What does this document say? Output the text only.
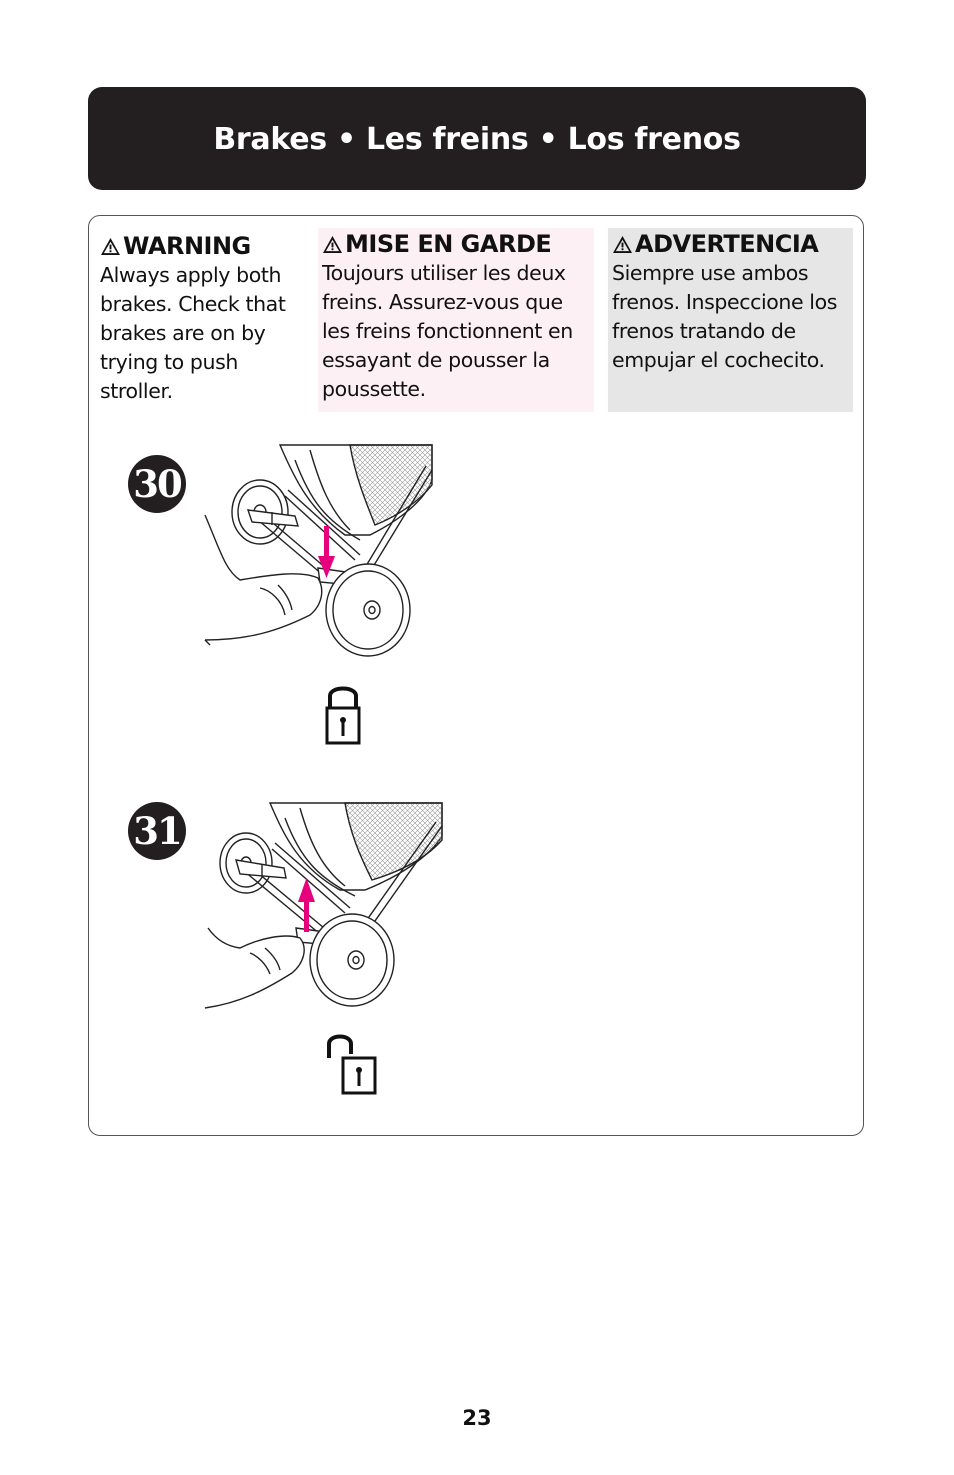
Brakes • Les freins • Los frenos
WARNING
Always apply both brakes. Check that brakes are on by trying to push stroller.
MISE EN GARDE
Toujours utiliser les deux freins. Assurez-vous que les freins fonctionnent en essayant de pousser la poussette.
ADVERTENCIA
Siempre use ambos frenos. Inspeccione los frenos tratando de empujar el cochecito.
30
31
23
